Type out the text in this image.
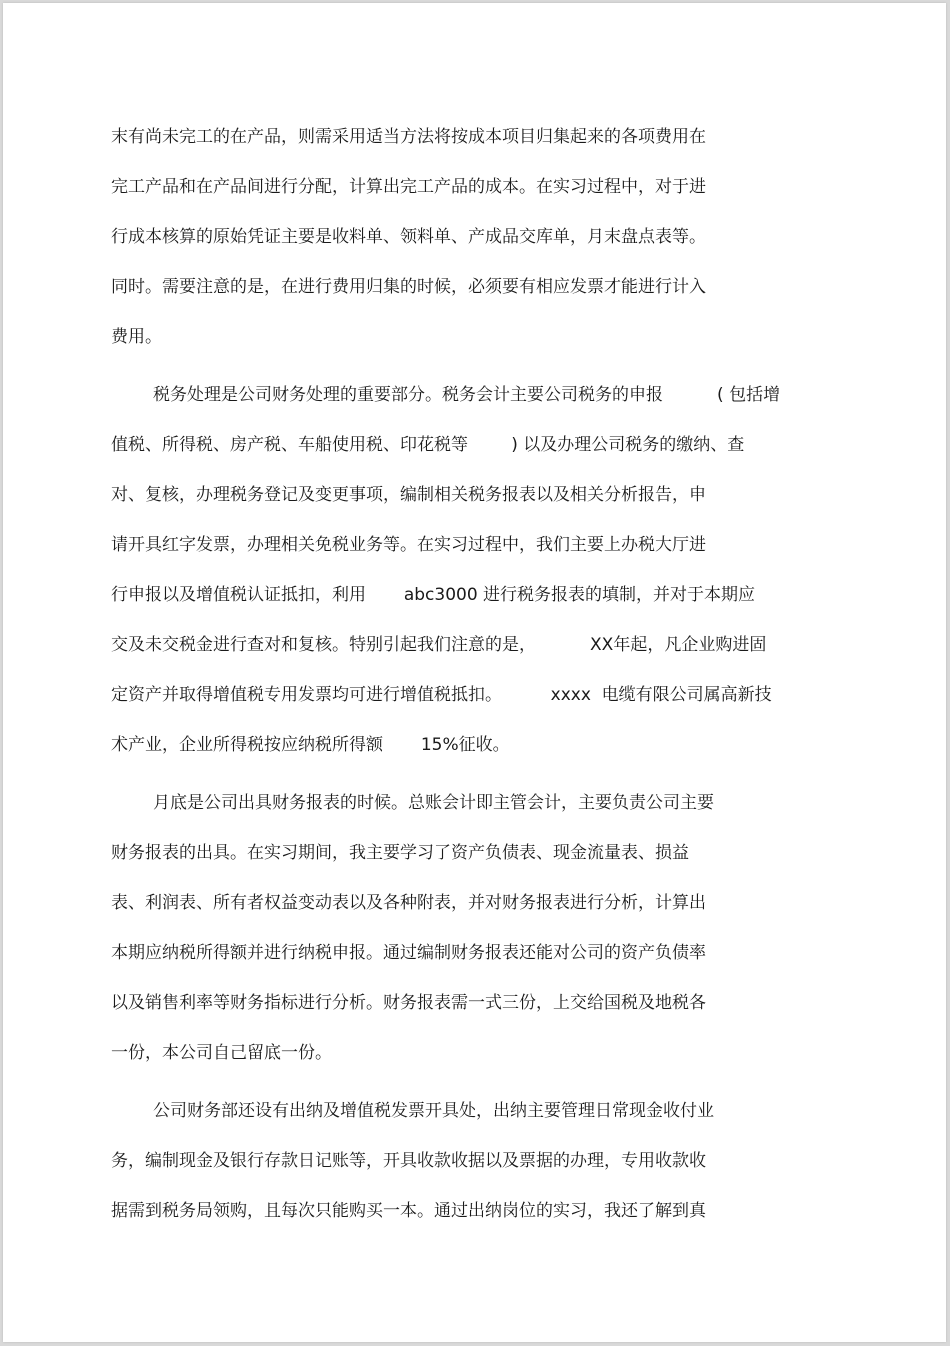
末有尚未完工的在产品，则需采用适当方法将按成本项目归集起来的各项费用在
完工产品和在产品间进行分配，计算出完工产品的成本。在实习过程中，对于进
行成本核算的原始凭证主要是收料单、领料单、产成品交库单，月末盘点表等。
同时。需要注意的是，在进行费用归集的时候，必须要有相应发票才能进行计入
费用。
税务处理是公司财务处理的重要部分。税务会计主要公司税务的申报          ( 包括增
值税、所得税、房产税、车船使用税、印花税等        ) 以及办理公司税务的缴纳、查
对、复核，办理税务登记及变更事项，编制相关税务报表以及相关分析报告，申
请开具红字发票，办理相关免税业务等。在实习过程中，我们主要上办税大厅进
行申报以及增值税认证抵扣，利用       abc3000 进行税务报表的填制，并对于本期应
交及未交税金进行查对和复核。特别引起我们注意的是，          XX年起，凡企业购进固
定资产并取得增值税专用发票均可进行增值税抵扣。         xxxx  电缆有限公司属高新技
术产业，企业所得税按应纳税所得额       15%征收。
月底是公司出具财务报表的时候。总账会计即主管会计，主要负责公司主要
财务报表的出具。在实习期间，我主要学习了资产负债表、现金流量表、损益
表、利润表、所有者权益变动表以及各种附表，并对财务报表进行分析，计算出
本期应纳税所得额并进行纳税申报。通过编制财务报表还能对公司的资产负债率
以及销售利率等财务指标进行分析。财务报表需一式三份，上交给国税及地税各
一份，本公司自己留底一份。
公司财务部还设有出纳及增值税发票开具处，出纳主要管理日常现金收付业
务，编制现金及银行存款日记账等，开具收款收据以及票据的办理，专用收款收
据需到税务局领购，且每次只能购买一本。通过出纳岗位的实习，我还了解到真
